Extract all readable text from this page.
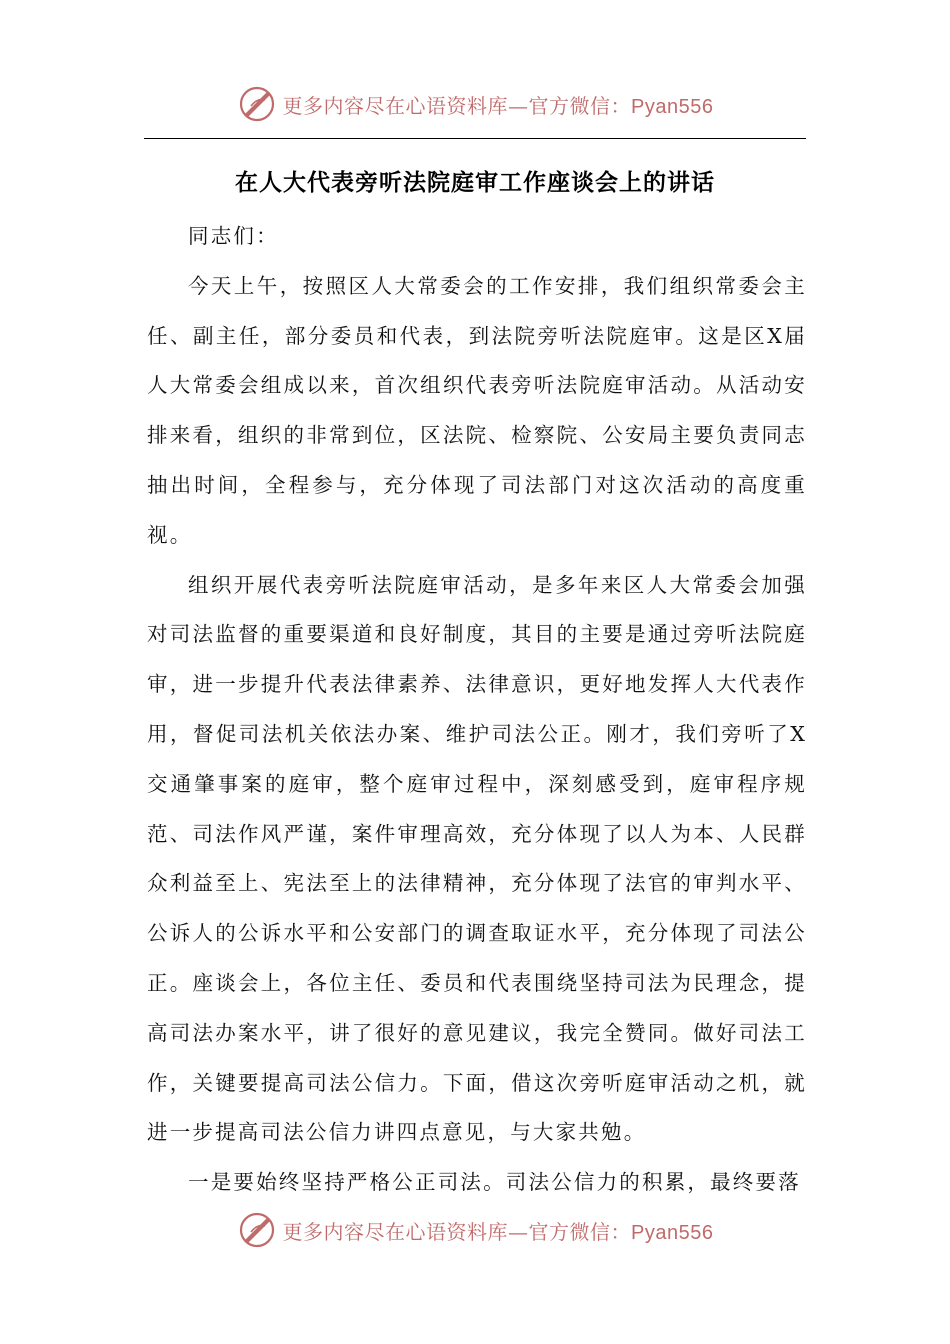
更多内容尽在心语资料库—官方微信：Pyan556
在人大代表旁听法院庭审工作座谈会上的讲话

同志们：

今天上午，按照区人大常委会的工作安排，我们组织常委会主任、副主任，部分委员和代表，到法院旁听法院庭审。这是区X届人大常委会组成以来，首次组织代表旁听法院庭审活动。从活动安排来看，组织的非常到位，区法院、检察院、公安局主要负责同志抽出时间，全程参与，充分体现了司法部门对这次活动的高度重视。

组织开展代表旁听法院庭审活动，是多年来区人大常委会加强对司法监督的重要渠道和良好制度，其目的主要是通过旁听法院庭审，进一步提升代表法律素养、法律意识，更好地发挥人大代表作用，督促司法机关依法办案、维护司法公正。刚才，我们旁听了X交通肇事案的庭审，整个庭审过程中，深刻感受到，庭审程序规范、司法作风严谨，案件审理高效，充分体现了以人为本、人民群众利益至上、宪法至上的法律精神，充分体现了法官的审判水平、公诉人的公诉水平和公安部门的调查取证水平，充分体现了司法公正。座谈会上，各位主任、委员和代表围绕坚持司法为民理念，提高司法办案水平，讲了很好的意见建议，我完全赞同。做好司法工作，关键要提高司法公信力。下面，借这次旁听庭审活动之机，就进一步提高司法公信力讲四点意见，与大家共勉。

一是要始终坚持严格公正司法。司法公信力的积累，最终要落

更多内容尽在心语资料库—官方微信：Pyan556
